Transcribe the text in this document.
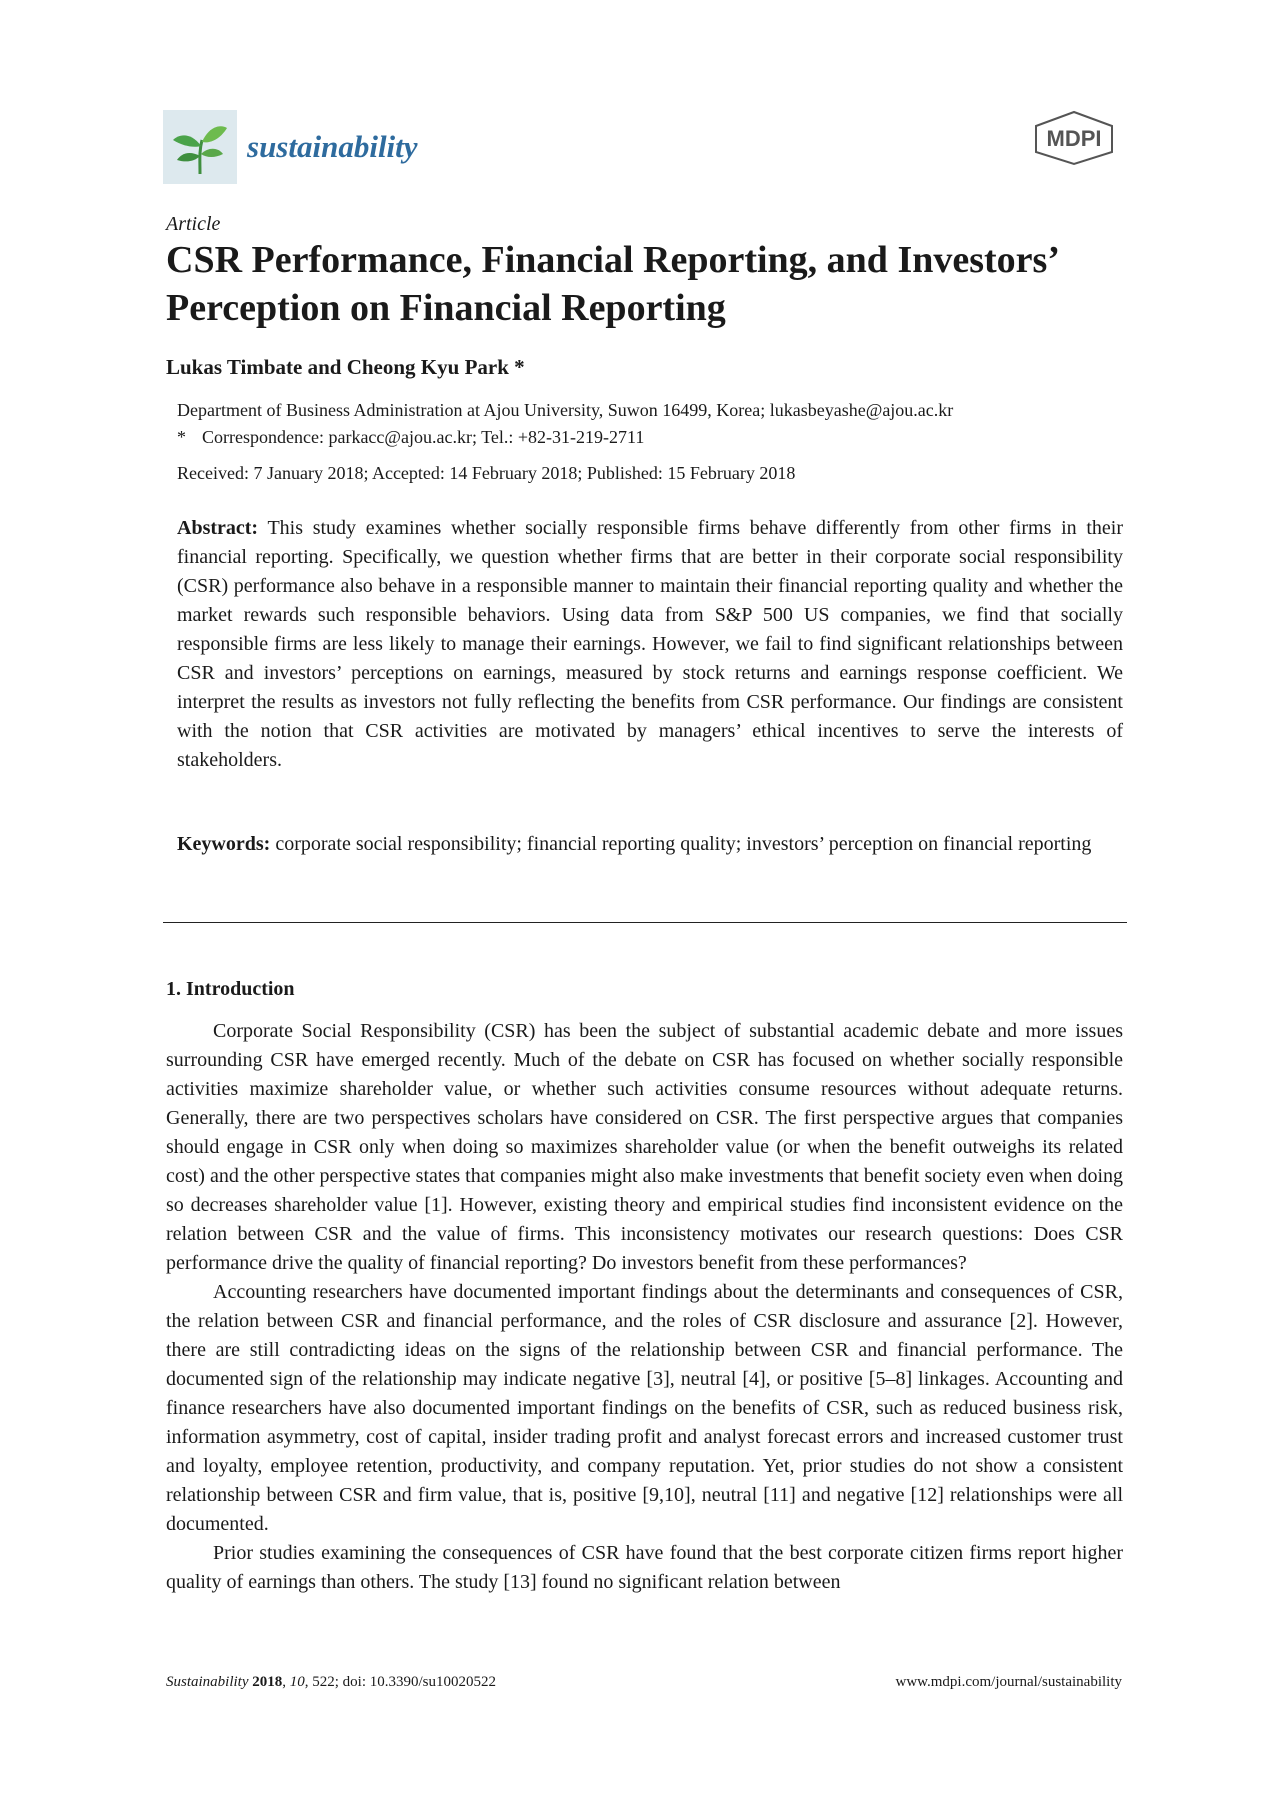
sustainability	MDPI
Article
CSR Performance, Financial Reporting, and Investors’ Perception on Financial Reporting
Lukas Timbate and Cheong Kyu Park *
Department of Business Administration at Ajou University, Suwon 16499, Korea; lukasbeyashe@ajou.ac.kr
* Correspondence: parkacc@ajou.ac.kr; Tel.: +82-31-219-2711
Received: 7 January 2018; Accepted: 14 February 2018; Published: 15 February 2018
Abstract: This study examines whether socially responsible firms behave differently from other firms in their financial reporting. Specifically, we question whether firms that are better in their corporate social responsibility (CSR) performance also behave in a responsible manner to maintain their financial reporting quality and whether the market rewards such responsible behaviors. Using data from S&P 500 US companies, we find that socially responsible firms are less likely to manage their earnings. However, we fail to find significant relationships between CSR and investors’ perceptions on earnings, measured by stock returns and earnings response coefficient. We interpret the results as investors not fully reflecting the benefits from CSR performance. Our findings are consistent with the notion that CSR activities are motivated by managers’ ethical incentives to serve the interests of stakeholders.
Keywords: corporate social responsibility; financial reporting quality; investors’ perception on financial reporting
1. Introduction

Corporate Social Responsibility (CSR) has been the subject of substantial academic debate and more issues surrounding CSR have emerged recently. Much of the debate on CSR has focused on whether socially responsible activities maximize shareholder value, or whether such activities consume resources without adequate returns. Generally, there are two perspectives scholars have considered on CSR. The first perspective argues that companies should engage in CSR only when doing so maximizes shareholder value (or when the benefit outweighs its related cost) and the other perspective states that companies might also make investments that benefit society even when doing so decreases shareholder value [1]. However, existing theory and empirical studies find inconsistent evidence on the relation between CSR and the value of firms. This inconsistency motivates our research questions: Does CSR performance drive the quality of financial reporting? Do investors benefit from these performances?

Accounting researchers have documented important findings about the determinants and consequences of CSR, the relation between CSR and financial performance, and the roles of CSR disclosure and assurance [2]. However, there are still contradicting ideas on the signs of the relationship between CSR and financial performance. The documented sign of the relationship may indicate negative [3], neutral [4], or positive [5–8] linkages. Accounting and finance researchers have also documented important findings on the benefits of CSR, such as reduced business risk, information asymmetry, cost of capital, insider trading profit and analyst forecast errors and increased customer trust and loyalty, employee retention, productivity, and company reputation. Yet, prior studies do not show a consistent relationship between CSR and firm value, that is, positive [9,10], neutral [11] and negative [12] relationships were all documented.

Prior studies examining the consequences of CSR have found that the best corporate citizen firms report higher quality of earnings than others. The study [13] found no significant relation between

Sustainability 2018, 10, 522; doi: 10.3390/su10020522	www.mdpi.com/journal/sustainability
